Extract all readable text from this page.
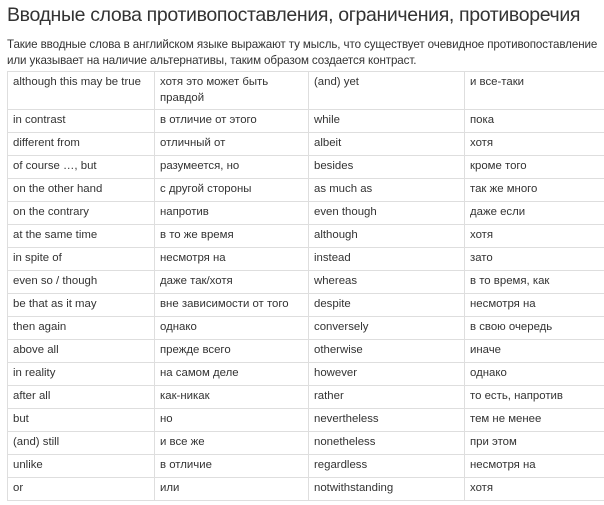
Вводные слова противопоставления, ограничения, противоречия

Такие вводные слова в английском языке выражают ту мысль, что существует очевидное противопоставление или указывает на наличие альтернативы, таким образом создается контраст.

although this may be true	хотя это может быть правдой	(and) yet	и все-таки
in contrast	в отличие от этого	while	пока
different from	отличный от	albeit	хотя
of course …, but	разумеется, но	besides	кроме того
on the other hand	с другой стороны	as much as	так же много
on the contrary	напротив	even though	даже если
at the same time	в то же время	although	хотя
in spite of	несмотря на	instead	зато
even so / though	даже так/хотя	whereas	в то время, как
be that as it may	вне зависимости от того	despite	несмотря на
then again	однако	conversely	в свою очередь
above all	прежде всего	otherwise	иначе
in reality	на самом деле	however	однако
after all	как-никак	rather	то есть, напротив
but	но	nevertheless	тем не менее
(and) still	и все же	nonetheless	при этом
unlike	в отличие	regardless	несмотря на
or	или	notwithstanding	хотя
